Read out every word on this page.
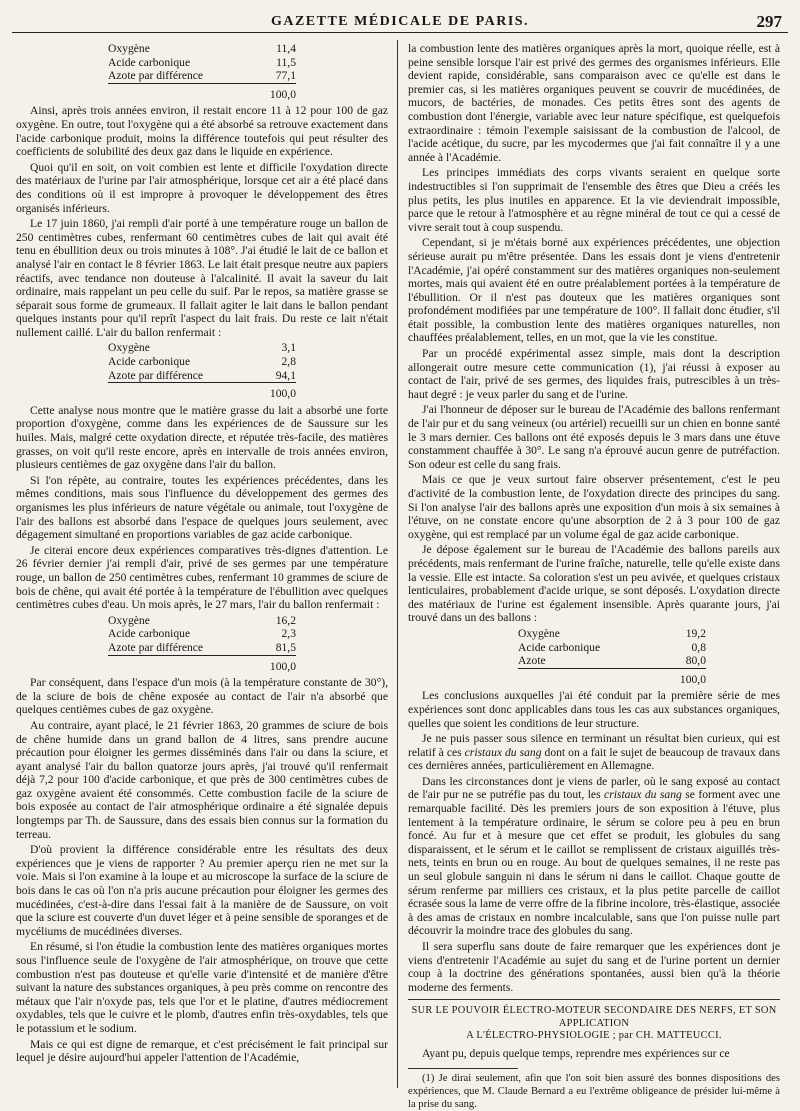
GAZETTE MÉDICALE DE PARIS.	297
Oxygène	11,4
Acide carbonique	11,5
Azote par différence	77,1
	100,0

Ainsi, après trois années environ, il restait encore 11 à 12 pour 100 de gaz oxygène. En outre, tout l'oxygène qui a été absorbé sa retrouve exactement dans l'acide carbonique produit, moins la différence toutefois qui peut résulter des coefficients de solubilité des deux gaz dans le liquide en expérience.

Quoi qu'il en soit, on voit combien est lente et difficile l'oxydation directe des matériaux de l'urine par l'air atmosphérique, lorsque cet air a été placé dans des conditions où il est impropre à provoquer le développement des êtres organisés inférieurs.

Le 17 juin 1860, j'ai rempli d'air porté à une température rouge un ballon de 250 centimètres cubes, renfermant 60 centimètres cubes de lait qui avait été tenu en ébullition deux ou trois minutes à 108°. J'ai étudié le lait de ce ballon et analysé l'air en contact le 8 février 1863. Le lait était presque neutre aux papiers réactifs, avec tendance non douteuse à l'alcalinité. Il avait la saveur du lait ordinaire, mais rappelant un peu celle du suif. Par le repos, sa matière grasse se séparait sous forme de grumeaux. Il fallait agiter le lait dans le ballon pendant quelques instants pour qu'il reprît l'aspect du lait frais. Du reste ce lait n'était nullement caillé. L'air du ballon renfermait :

Oxygène	3,1
Acide carbonique	2,8
Azote par différence	94,1
	100,0

Cette analyse nous montre que le matière grasse du lait a absorbé une forte proportion d'oxygène, comme dans les expériences de de Saussure sur les huiles. Mais, malgré cette oxydation directe, et réputée très-facile, des matières grasses, on voit qu'il reste encore, après en intervalle de trois années environ, plusieurs centièmes de gaz oxygène dans l'air du ballon.

Si l'on répète, au contraire, toutes les expériences précédentes, dans les mêmes conditions, mais sous l'influence du développement des germes des organismes les plus inférieurs de nature végétale ou animale, tout l'oxygène de l'air des ballons est absorbé dans l'espace de quelques jours seulement, avec dégagement simultané en proportions variables de gaz acide carbonique.

Je citerai encore deux expériences comparatives très-dignes d'attention. Le 26 février dernier j'ai rempli d'air, privé de ses germes par une température rouge, un ballon de 250 centimètres cubes, renfermant 10 grammes de sciure de bois de chêne, qui avait été portée à la température de l'ébullition avec quelques centimètres cubes d'eau. Un mois après, le 27 mars, l'air du ballon renfermait :

Oxygène	16,2
Acide carbonique	2,3
Azote par différence	81,5
	100,0

Par conséquent, dans l'espace d'un mois (à la température constante de 30°), de la sciure de bois de chêne exposée au contact de l'air n'a absorbé que quelques centièmes cubes de gaz oxygène.

Au contraire, ayant placé, le 21 février 1863, 20 grammes de sciure de bois de chêne humide dans un grand ballon de 4 litres, sans prendre aucune précaution pour éloigner les germes disséminés dans l'air ou dans la sciure, et ayant analysé l'air du ballon quatorze jours après, j'ai trouvé qu'il renfermait déjà 7,2 pour 100 d'acide carbonique, et que près de 300 centimètres cubes de gaz oxygène avaient été consommés. Cette combustion facile de la sciure de bois exposée au contact de l'air atmosphérique ordinaire a été signalée depuis longtemps par Th. de Saussure, dans des essais bien connus sur la formation du terreau.

D'où provient la différence considérable entre les résultats des deux expériences que je viens de rapporter ? Au premier aperçu rien ne met sur la voie. Mais si l'on examine à la loupe et au microscope la surface de la sciure de bois dans le cas où l'on n'a pris aucune précaution pour éloigner les germes des mucédinées, c'est-à-dire dans l'essai fait à la manière de de Saussure, on voit que la sciure est couverte d'un duvet léger et à peine sensible de sporanges et de mycéliums de mucédinées diverses.

En résumé, si l'on étudie la combustion lente des matières organiques mortes sous l'influence seule de l'oxygène de l'air atmosphérique, on trouve que cette combustion n'est pas douteuse et qu'elle varie d'intensité et de manière d'être suivant la nature des substances organiques, à peu près comme on rencontre des métaux que l'air n'oxyde pas, tels que l'or et le platine, d'autres médiocrement oxydables, tels que le cuivre et le plomb, d'autres enfin très-oxydables, tels que le potassium et le sodium.

Mais ce qui est digne de remarque, et c'est précisément le fait principal sur lequel je désire aujourd'hui appeler l'attention de l'Académie,

la combustion lente des matières organiques après la mort, quoique réelle, est à peine sensible lorsque l'air est privé des germes des organismes inférieurs. Elle devient rapide, considérable, sans comparaison avec ce qu'elle est dans le premier cas, si les matières organiques peuvent se couvrir de mucédinées, de mucors, de bactéries, de monades. Ces petits êtres sont des agents de combustion dont l'énergie, variable avec leur nature spécifique, est quelquefois extraordinaire : témoin l'exemple saisissant de la combustion de l'alcool, de l'acide acétique, du sucre, par les mycodermes que j'ai fait connaître il y a une année à l'Académie.

Les principes immédiats des corps vivants seraient en quelque sorte indestructibles si l'on supprimait de l'ensemble des êtres que Dieu a créés les plus petits, les plus inutiles en apparence. Et la vie deviendrait impossible, parce que le retour à l'atmosphère et au règne minéral de tout ce qui a cessé de vivre serait tout à coup suspendu.

Cependant, si je m'étais borné aux expériences précédentes, une objection sérieuse aurait pu m'être présentée. Dans les essais dont je viens d'entretenir l'Académie, j'ai opéré constamment sur des matières organiques non-seulement mortes, mais qui avaient été en outre préalablement portées à la température de l'ébullition. Or il n'est pas douteux que les matières organiques sont profondément modifiées par une température de 100°. Il fallait donc étudier, s'il était possible, la combustion lente des matières organiques naturelles, non chauffées préalablement, telles, en un mot, que la vie les constitue.

Par un procédé expérimental assez simple, mais dont la description allongerait outre mesure cette communication (1), j'ai réussi à exposer au contact de l'air, privé de ses germes, des liquides frais, putrescibles à un très-haut degré : je veux parler du sang et de l'urine.

J'ai l'honneur de déposer sur le bureau de l'Académie des ballons renfermant de l'air pur et du sang veineux (ou artériel) recueilli sur un chien en bonne santé le 3 mars dernier. Ces ballons ont été exposés depuis le 3 mars dans une étuve constamment chauffée à 30°. Le sang n'a éprouvé aucun genre de putréfaction. Son odeur est celle du sang frais.

Mais ce que je veux surtout faire observer présentement, c'est le peu d'activité de la combustion lente, de l'oxydation directe des principes du sang. Si l'on analyse l'air des ballons après une exposition d'un mois à six semaines à l'étuve, on ne constate encore qu'une absorption de 2 à 3 pour 100 de gaz oxygène, qui est remplacé par un volume égal de gaz acide carbonique.

Je dépose également sur le bureau de l'Académie des ballons pareils aux précédents, mais renfermant de l'urine fraîche, naturelle, telle qu'elle existe dans la vessie. Elle est intacte. Sa coloration s'est un peu avivée, et quelques cristaux lenticulaires, probablement d'acide urique, se sont déposés. L'oxydation directe des matériaux de l'urine est également insensible. Après quarante jours, j'ai trouvé dans un des ballons :

Oxygène	19,2
Acide carbonique	0,8
Azote	80,0
	100,0

Les conclusions auxquelles j'ai été conduit par la première série de mes expériences sont donc applicables dans tous les cas aux substances organiques, quelles que soient les conditions de leur structure.

Je ne puis passer sous silence en terminant un résultat bien curieux, qui est relatif à ces cristaux du sang dont on a fait le sujet de beaucoup de travaux dans ces dernières années, particulièrement en Allemagne.

Dans les circonstances dont je viens de parler, où le sang exposé au contact de l'air pur ne se putréfie pas du tout, les cristaux du sang se forment avec une remarquable facilité. Dès les premiers jours de son exposition à l'étuve, plus lentement à la température ordinaire, le sérum se colore peu à peu en brun foncé. Au fur et à mesure que cet effet se produit, les globules du sang disparaissent, et le sérum et le caillot se remplissent de cristaux aiguillés très-nets, teints en brun ou en rouge. Au bout de quelques semaines, il ne reste pas un seul globule sanguin ni dans le sérum ni dans le caillot. Chaque goutte de sérum renferme par milliers ces cristaux, et la plus petite parcelle de caillot écrasée sous la lame de verre offre de la fibrine incolore, très-élastique, associée à des amas de cristaux en nombre incalculable, sans que l'on puisse nulle part découvrir la moindre trace des globules du sang.

Il sera superflu sans doute de faire remarquer que les expériences dont je viens d'entretenir l'Académie au sujet du sang et de l'urine portent un dernier coup à la doctrine des générations spontanées, aussi bien qu'à la théorie moderne des ferments.

SUR LE POUVOIR ÉLECTRO-MOTEUR SECONDAIRE DES NERFS, ET SON APPLICATION
A L'ÉLECTRO-PHYSIOLOGIE ; par CH. MATTEUCCI.

Ayant pu, depuis quelque temps, reprendre mes expériences sur ce

(1) Je dirai seulement, afin que l'on soit bien assuré des bonnes dispositions des expériences, que M. Claude Bernard a eu l'extrême obligeance de présider lui-même à la prise du sang.
